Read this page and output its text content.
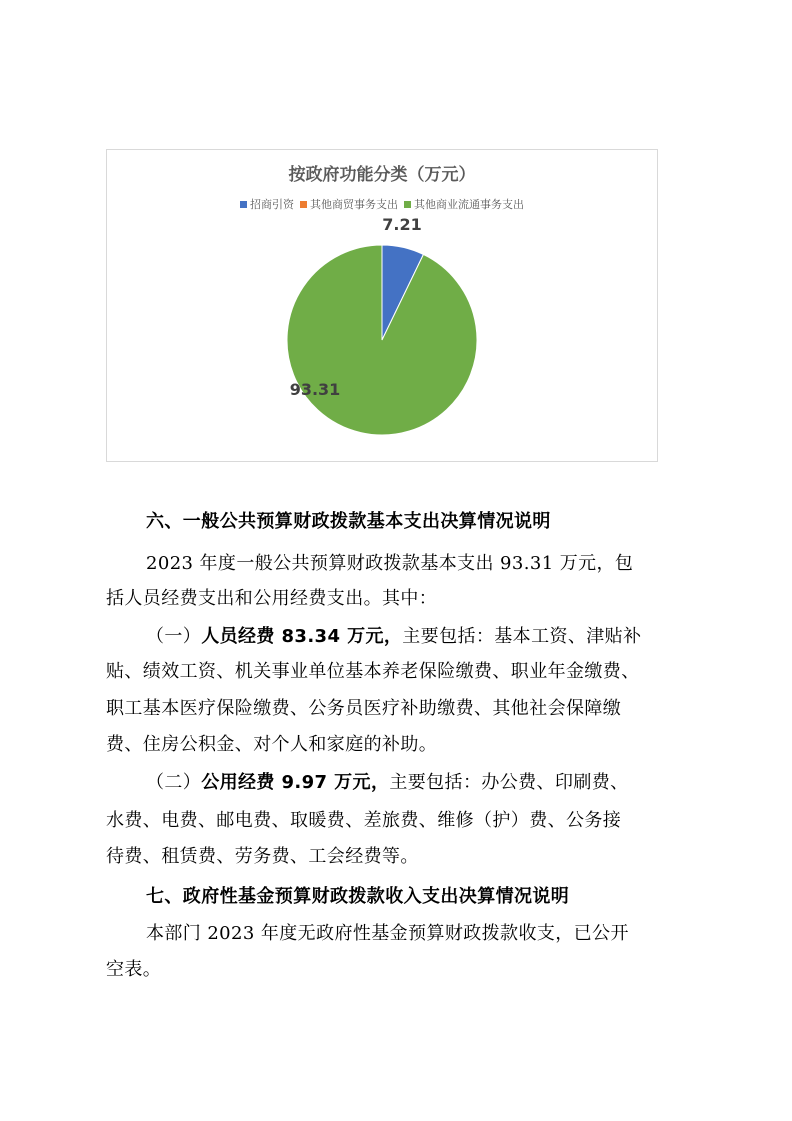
按政府功能分类（万元）
招商引资 其他商贸事务支出 其他商业流通事务支出
7.21
93.31

六、一般公共预算财政拨款基本支出决算情况说明

2023 年度一般公共预算财政拨款基本支出 93.31 万元，包

括人员经费支出和公用经费支出。其中：

（一）人员经费 83.34 万元，主要包括：基本工资、津贴补

贴、绩效工资、机关事业单位基本养老保险缴费、职业年金缴费、

职工基本医疗保险缴费、公务员医疗补助缴费、其他社会保障缴

费、住房公积金、对个人和家庭的补助。

（二）公用经费 9.97 万元，主要包括：办公费、印刷费、

水费、电费、邮电费、取暖费、差旅费、维修（护）费、公务接

待费、租赁费、劳务费、工会经费等。

七、政府性基金预算财政拨款收入支出决算情况说明

本部门 2023 年度无政府性基金预算财政拨款收支，已公开

空表。
